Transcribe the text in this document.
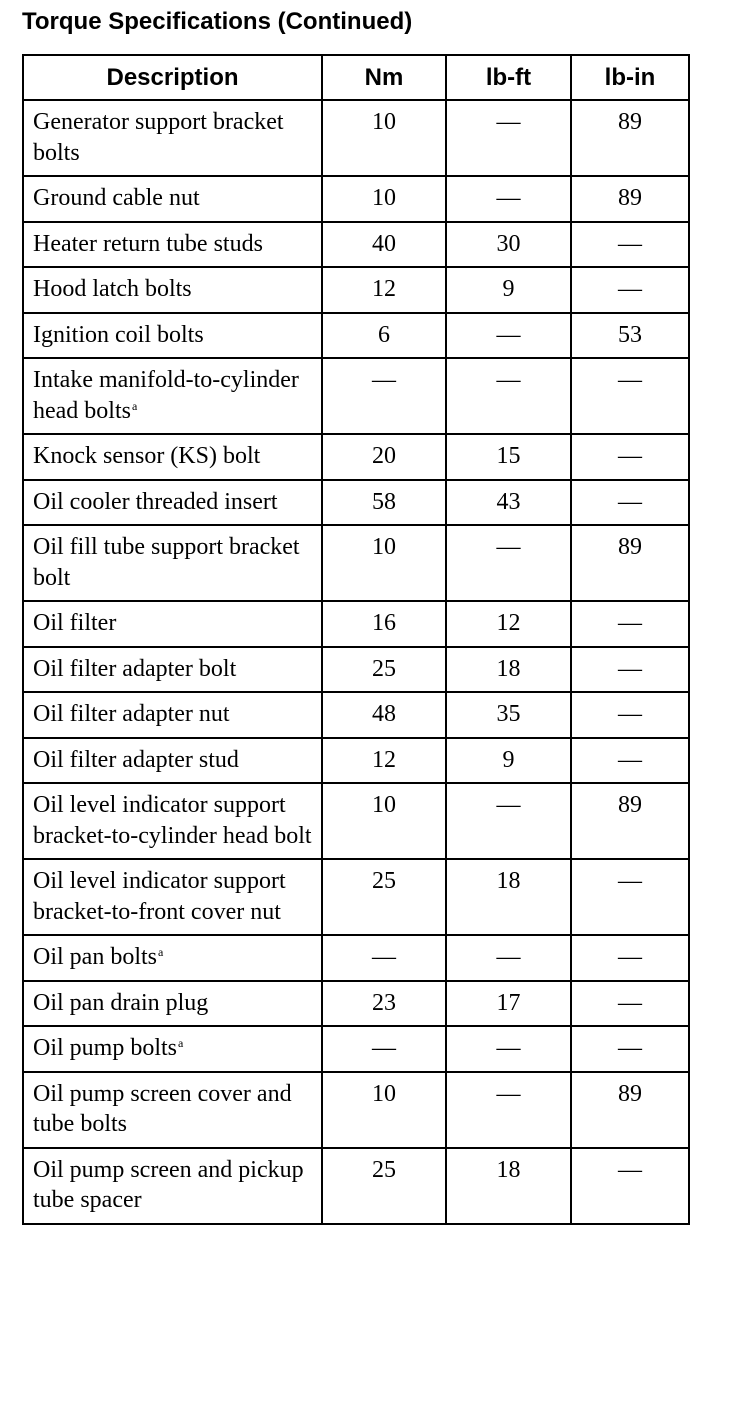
Torque Specifications (Continued)
Description	Nm	lb-ft	lb-in
Generator support bracket bolts	10	—	89
Ground cable nut	10	—	89
Heater return tube studs	40	30	—
Hood latch bolts	12	9	—
Ignition coil bolts	6	—	53
Intake manifold-to-cylinder head bolts$^a$	—	—	—
Knock sensor (KS) bolt	20	15	—
Oil cooler threaded insert	58	43	—
Oil fill tube support bracket bolt	10	—	89
Oil filter	16	12	—
Oil filter adapter bolt	25	18	—
Oil filter adapter nut	48	35	—
Oil filter adapter stud	12	9	—
Oil level indicator support bracket-to-cylinder head bolt	10	—	89
Oil level indicator support bracket-to-front cover nut	25	18	—
Oil pan bolts$^a$	—	—	—
Oil pan drain plug	23	17	—
Oil pump bolts$^a$	—	—	—
Oil pump screen cover and tube bolts	10	—	89
Oil pump screen and pickup tube spacer	25	18	—
